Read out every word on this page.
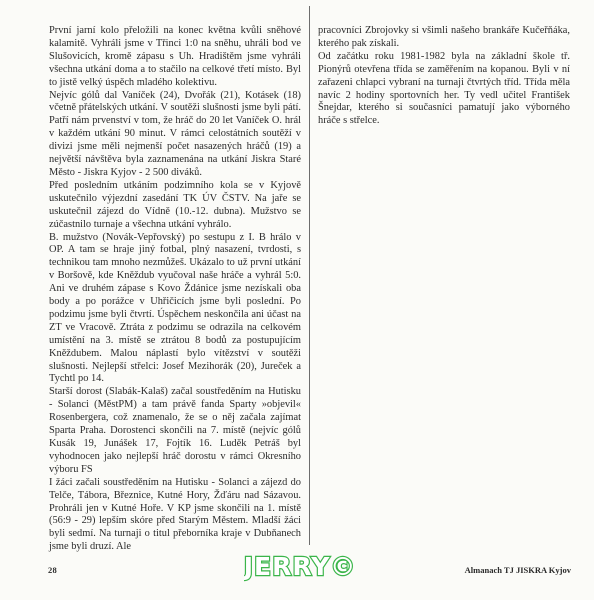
První jarní kolo přeložili na konec května kvůli sněhové kalamitě. Vyhráli jsme v Třinci 1:0 na sněhu, uhráli bod ve Slušovicích, kromě zápasu s Uh. Hradištěm jsme vyhráli všechna utkání doma a to stačilo na celkové třetí místo. Byl to jistě velký úspěch mladého kolektivu.

Nejvíc gólů dal Vaníček (24), Dvořák (21), Kotásek (18) včetně přátelských utkání. V soutěži slušnosti jsme byli pátí. Patří nám prvenství v tom, že hráč do 20 let Vaníček O. hrál v každém utkání 90 minut. V rámci celostátních soutěží v divizi jsme měli nejmenší počet nasazených hráčů (19) a největší návštěva byla zaznamenána na utkání Jiskra Staré Město - Jiskra Kyjov - 2 500 diváků.

Před posledním utkáním podzimního kola se v Kyjově uskutečnilo výjezdní zasedání TK ÚV ČSTV. Na jaře se uskutečnil zájezd do Vídně (10.-12. dubna). Mužstvo se zúčastnilo turnaje a všechna utkání vyhrálo.

B. mužstvo (Novák-Vepřovský) po sestupu z I. B hrálo v OP. A tam se hraje jiný fotbal, plný nasazení, tvrdosti, s technikou tam mnoho nezmůžeš. Ukázalo to už první utkání v Boršově, kde Kněždub vyučoval naše hráče a vyhrál 5:0. Ani ve druhém zápase s Kovo Ždánice jsme nezískali oba body a po porážce v Uhřičicích jsme byli poslední. Po podzimu jsme byli čtvrtí. Úspěchem neskončila ani účast na ZT ve Vracově. Ztráta z podzimu se odrazila na celkovém umístění na 3. místě se ztrátou 8 bodů za postupujícím Kněždubem. Malou náplastí bylo vítězství v soutěži slušnosti. Nejlepší střelci: Josef Mezihorák (20), Jureček a Tychtl po 14.

Starší dorost (Slabák-Kalaš) začal soustředěním na Hutisku - Solanci (MěstPM) a tam právě fanda Sparty »objevil« Rosenbergera, což znamenalo, že se o něj začala zajímat Sparta Praha. Dorostenci skončili na 7. místě (nejvíc gólů Kusák 19, Junášek 17, Fojtík 16. Luděk Petráš byl vyhodnocen jako nejlepší hráč dorostu v rámci Okresního výboru FS

I žáci začali soustředěním na Hutisku - Solanci a zájezd do Telče, Tábora, Březnice, Kutné Hory, Žďáru nad Sázavou. Prohráli jen v Kutné Hoře. V KP jsme skončili na 1. místě (56:9 - 29) lepším skóre před Starým Městem. Mladší žáci byli sedmí. Na turnaji o titul přeborníka kraje v Dubňanech jsme byli druzí. Ale

pracovníci Zbrojovky si všimli našeho brankáře Kučeřňáka, kterého pak získali.

Od začátku roku 1981-1982 byla na základní škole tř. Pionýrů otevřena třída se zaměřením na kopanou. Byli v ní zařazeni chlapci vybraní na turnaji čtvrtých tříd. Třída měla navíc 2 hodiny sportovních her. Ty vedl učitel František Šnejdar, kterého si současníci pamatují jako výborného hráče s střelce.

28	JERRY©	Almanach TJ JISKRA Kyjov
